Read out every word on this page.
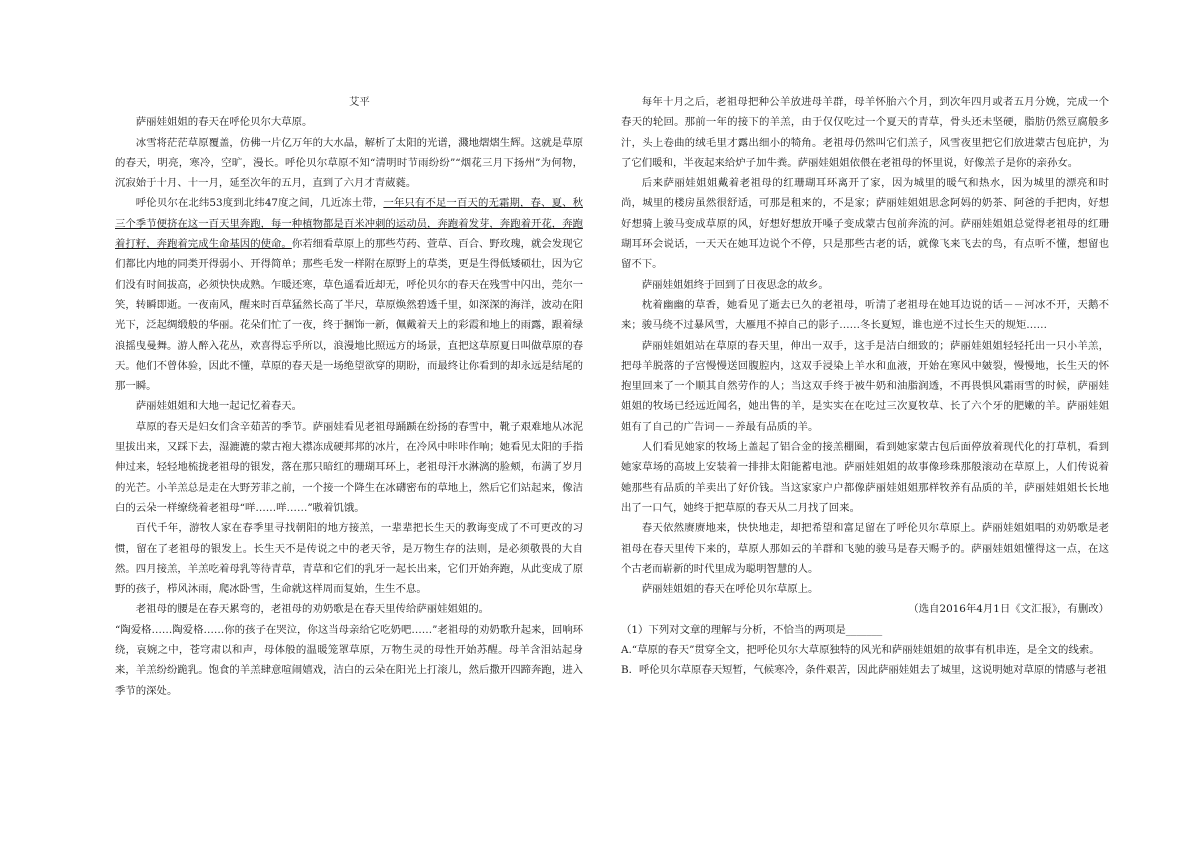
艾平

萨丽娃姐姐的春天在呼伦贝尔大草原。

冰雪将茫茫草原覆盖，仿佛一片亿万年的大水晶，解析了太阳的光谱，濺地熠熠生辉。这就是草原的春天，明亮，寒冷，空旷，漫长。呼伦贝尔草原不知“清明时节雨纷纷”“烟花三月下扬州”为何物，沉寂始于十月、十一月，延至次年的五月，直到了六月才青葳蕤。

呼伦贝尔在北纬53度到北纬47度之间，几近冻土带，一年只有不足一百天的无霜期，春、夏、秋三个季节便挤在这一百天里奔跑，每一种植物都是百米冲刺的运动员，奔跑着发芽，奔跑着开花，奔跑着打籽，奔跑着完成生命基因的使命。你若细看草原上的那些芍药、萱草、百合、野玫瑰，就会发现它们都比内地的同类开得弱小、开得简单；那些毛发一样附在原野上的草类，更是生得低矮硕壮，因为它们没有时间拔高，必须快快成熟。乍暖还寒，草色遥看近却无，呼伦贝尔的春天在残雪中闪出，莞尔一笑，转瞬即逝。一夜南风，醒来时百草猛然长高了半尺，草原焕然碧透千里，如深深的海洋，波动在阳光下，泛起绸缎般的华丽。花朵们忙了一夜，终于捆饰一新，佩戴着天上的彩霞和地上的雨露，跟着绿浪摇曳曼舞。游人醉入花丛，欢喜得忘乎所以，浪漫地比照远方的场景，直把这草原夏日叫做草原的春天。他们不曾体验，因此不懂，草原的春天是一场绝望欲穿的期盼，而最终让你看到的却永远是结尾的那一瞬。

萨丽娃姐姐和大地一起记忆着春天。

草原的春天是妇女们含辛茹苦的季节。萨丽娃看见老祖母踊踬在纷扬的春雪中，靴子艰难地从冰泥里拔出来，又踩下去，湿漉漉的蒙古袍大襟冻成硬邦邦的冰片，在冷风中咔咔作响；她看见太阳的手指伸过来，轻轻地梳拢老祖母的银发，落在那只暗红的珊瑚耳环上，老祖母汗水淋漓的脸颊，布满了岁月的光芒。小羊羔总是走在大野芳菲之前，一个接一个降生在冰礴密布的草地上，然后它们站起来，像洁白的云朵一样缭绕着老祖母“咩……咩……”嗷着饥饿。

百代千年，游牧人家在春季里寻找朝阳的地方接羔，一辈辈把长生天的教诲变成了不可更改的习惯，留在了老祖母的银发上。长生天不是传说之中的老天爷，是万物生存的法则，是必须敬畏的大自然。四月接羔，羊羔吃着母乳等待青草，青草和它们的乳牙一起长出来，它们开始奔跑，从此变成了原野的孩子，栉风沐雨，爬冰卧雪，生命就这样周而复始，生生不息。

老祖母的腰是在春天累弯的，老祖母的劝奶歌是在春天里传给萨丽娃姐姐的。

“陶爱格……陶爱格……你的孩子在哭泣，你这当母亲给它吃奶吧……”老祖母的劝奶歌升起来，回响环绕，哀婉之中，苍穹肃以和声，母体般的温暖笼罩草原，万物生灵的母性开始苏醒。母羊含泪站起身来，羊羔纷纷跪乳。饱食的羊羔肆意喧闹嬉戏，洁白的云朵在阳光上打滚儿，然后撒开四蹄奔跑，进入季节的深处。

每年十月之后，老祖母把种公羊放进母羊群，母羊怀胎六个月，到次年四月或者五月分娩，完成一个春天的轮回。那前一年的接下的羊羔，由于仅仅吃过一个夏天的青草，骨头还未坚硬，脂肪仍然豆腐般多汁，头上卷曲的绒毛里才露出细小的犄角。老祖母仍然叫它们羔子，风雪夜里把它们放进蒙古包庇护，为了它们暖和，半夜起来给炉子加牛粪。萨丽娃姐姐依偎在老祖母的怀里说，好像羔子是你的亲孙女。

后来萨丽娃姐姐戴着老祖母的红珊瑚耳环离开了家，因为城里的暖气和热水，因为城里的漂亮和时尚，城里的楼房虽然很舒适，可那是租来的，不是家；萨丽娃姐姐思念阿妈的奶茶、阿爸的手把肉，好想好想骑上骏马变成草原的风，好想好想放开嗓子变成蒙古包前奔流的河。萨丽娃姐姐总觉得老祖母的红珊瑚耳环会说话，一天天在她耳边说个不停，只是那些古老的话，就像飞来飞去的鸟，有点听不懂，想留也留不下。

萨丽娃姐姐终于回到了日夜思念的故乡。

枕着幽幽的草香，她看见了逝去已久的老祖母，听清了老祖母在她耳边说的话－－河冰不开，天鹅不来；骏马绕不过暴风雪，大雁甩不掉自己的影子……冬长夏短，谁也逆不过长生天的规矩……

萨丽娃姐姐站在草原的春天里，伸出一双手，这手是洁白细致的；萨丽娃姐姐轻轻托出一只小羊羔，把母羊脱落的子宫慢慢送回腹腔内，这双手浸染上羊水和血液，开始在寒风中皴裂，慢慢地，长生天的怀抱里回来了一个顺其自然劳作的人；当这双手终于被牛奶和油脂润透，不再畏惧风霜雨雪的时候，萨丽娃姐姐的牧场已经远近闻名，她出售的羊，是实实在在吃过三次夏牧草、长了六个牙的肥嫩的羊。萨丽娃姐姐有了自己的广告词－－养最有品质的羊。

人们看见她家的牧场上盖起了铝合金的接羔棚圈，看到她家蒙古包后面停放着现代化的打草机，看到她家草场的高坡上安装着一排排太阳能蓄电池。萨丽娃姐姐的故事像珍珠那般滚动在草原上，人们传说着她那些有品质的羊卖出了好价钱。当这家家户户都像萨丽娃姐姐那样牧养有品质的羊，萨丽娃姐姐长长地出了一口气，她终于把草原的春天从二月找了回来。

春天依然赓赓地来，快快地走，却把希望和富足留在了呼伦贝尔草原上。萨丽娃姐姐唱的劝奶歌是老祖母在春天里传下来的，草原人那如云的羊群和飞驰的骏马是春天赐予的。萨丽娃姐姐懂得这一点，在这个古老而崭新的时代里成为聪明智慧的人。

萨丽娃姐姐的春天在呼伦贝尔草原上。

（选自2016年4月1日《文汇报》，有删改）

（1）下列对文章的理解与分析，不恰当的两项是_______

A.“草原的春天”贯穿全文，把呼伦贝尔大草原独特的风光和萨丽娃姐姐的故事有机串连，是全文的线索。

B．呼伦贝尔草原春天短暂，气候寒冷，条件艰苦，因此萨丽娃姐去了城里，这说明她对草原的情感与老祖
